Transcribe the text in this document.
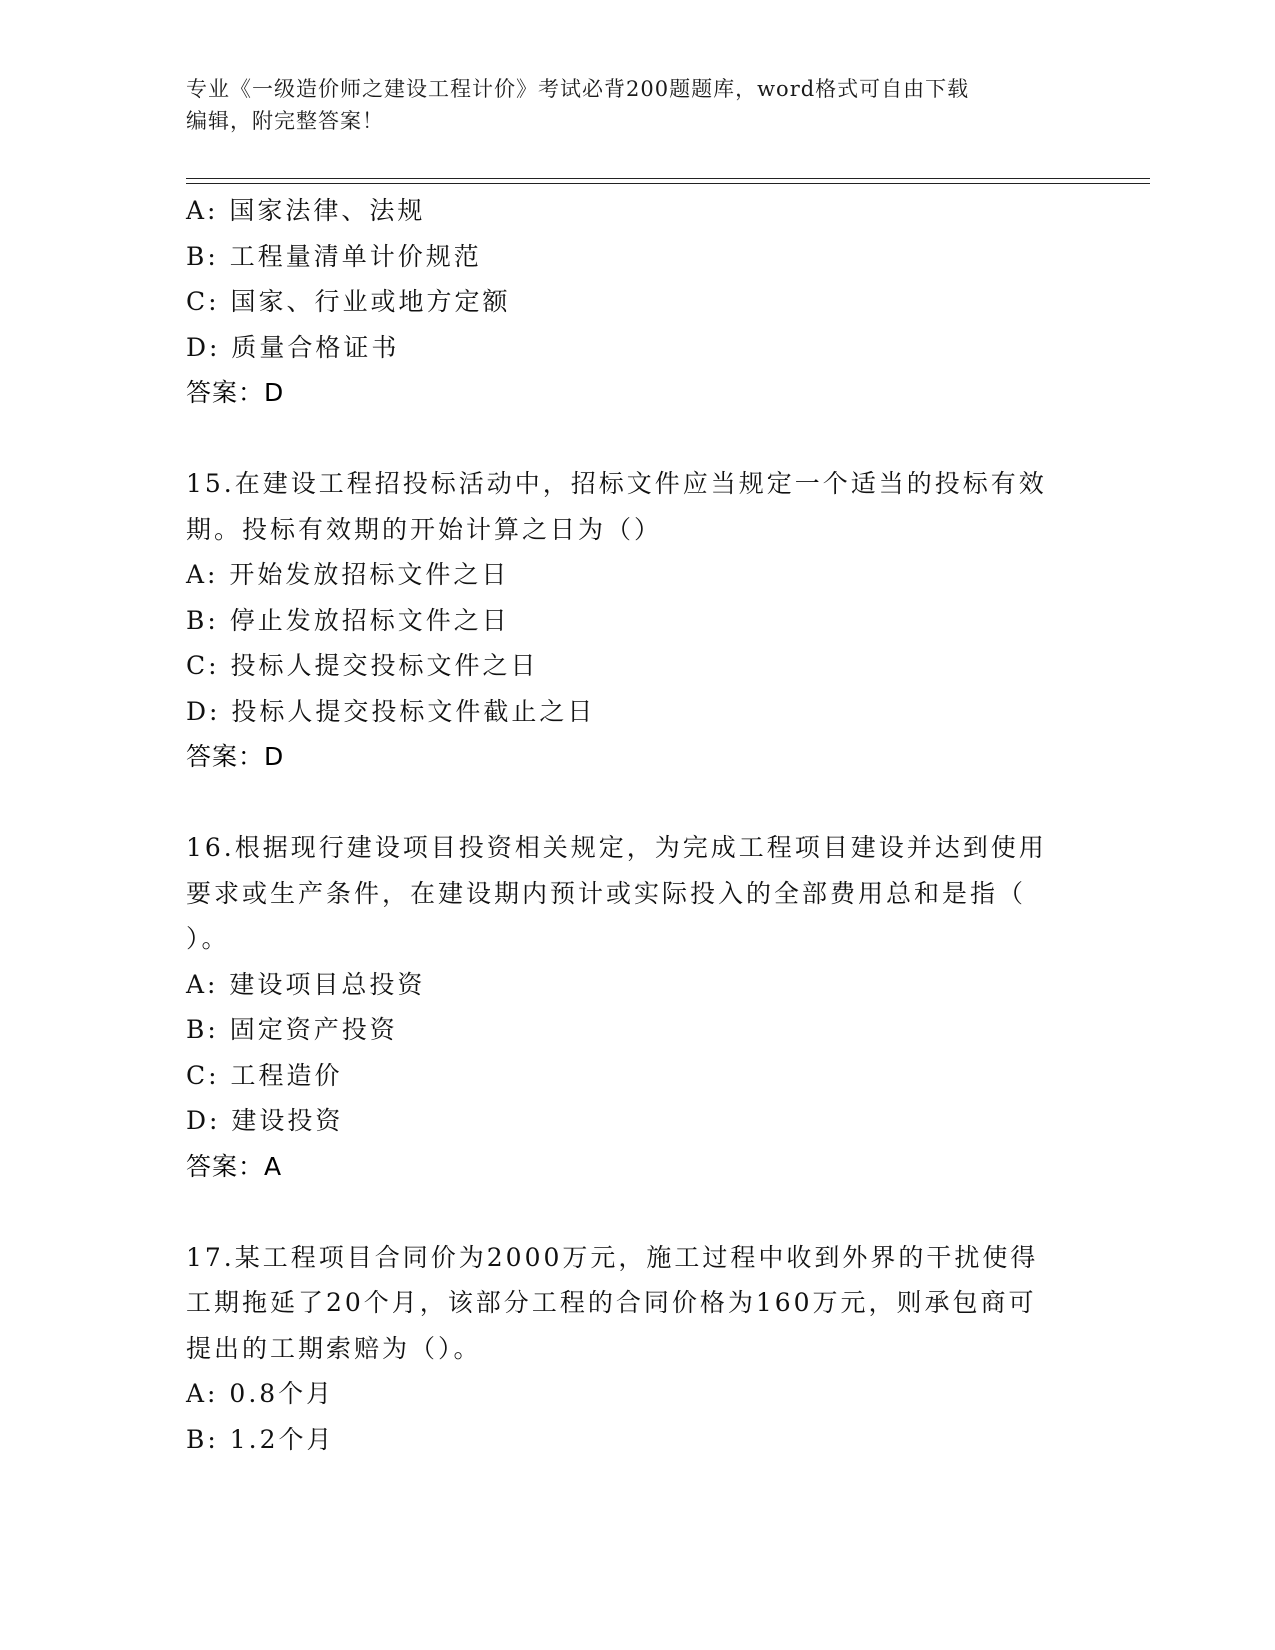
专业《一级造价师之建设工程计价》考试必背200题题库，word格式可自由下载
编辑，附完整答案！
A: 国家法律、法规
B: 工程量清单计价规范
C: 国家、行业或地方定额
D: 质量合格证书
答案：D
15.在建设工程招投标活动中，招标文件应当规定一个适当的投标有效
期。投标有效期的开始计算之日为（）
A: 开始发放招标文件之日
B: 停止发放招标文件之日
C: 投标人提交投标文件之日
D: 投标人提交投标文件截止之日
答案：D
16.根据现行建设项目投资相关规定，为完成工程项目建设并达到使用
要求或生产条件，在建设期内预计或实际投入的全部费用总和是指（
）。
A: 建设项目总投资
B: 固定资产投资
C: 工程造价
D: 建设投资
答案：A
17.某工程项目合同价为2000万元，施工过程中收到外界的干扰使得
工期拖延了20个月，该部分工程的合同价格为160万元，则承包商可
提出的工期索赔为（）。
A: 0.8个月
B: 1.2个月
